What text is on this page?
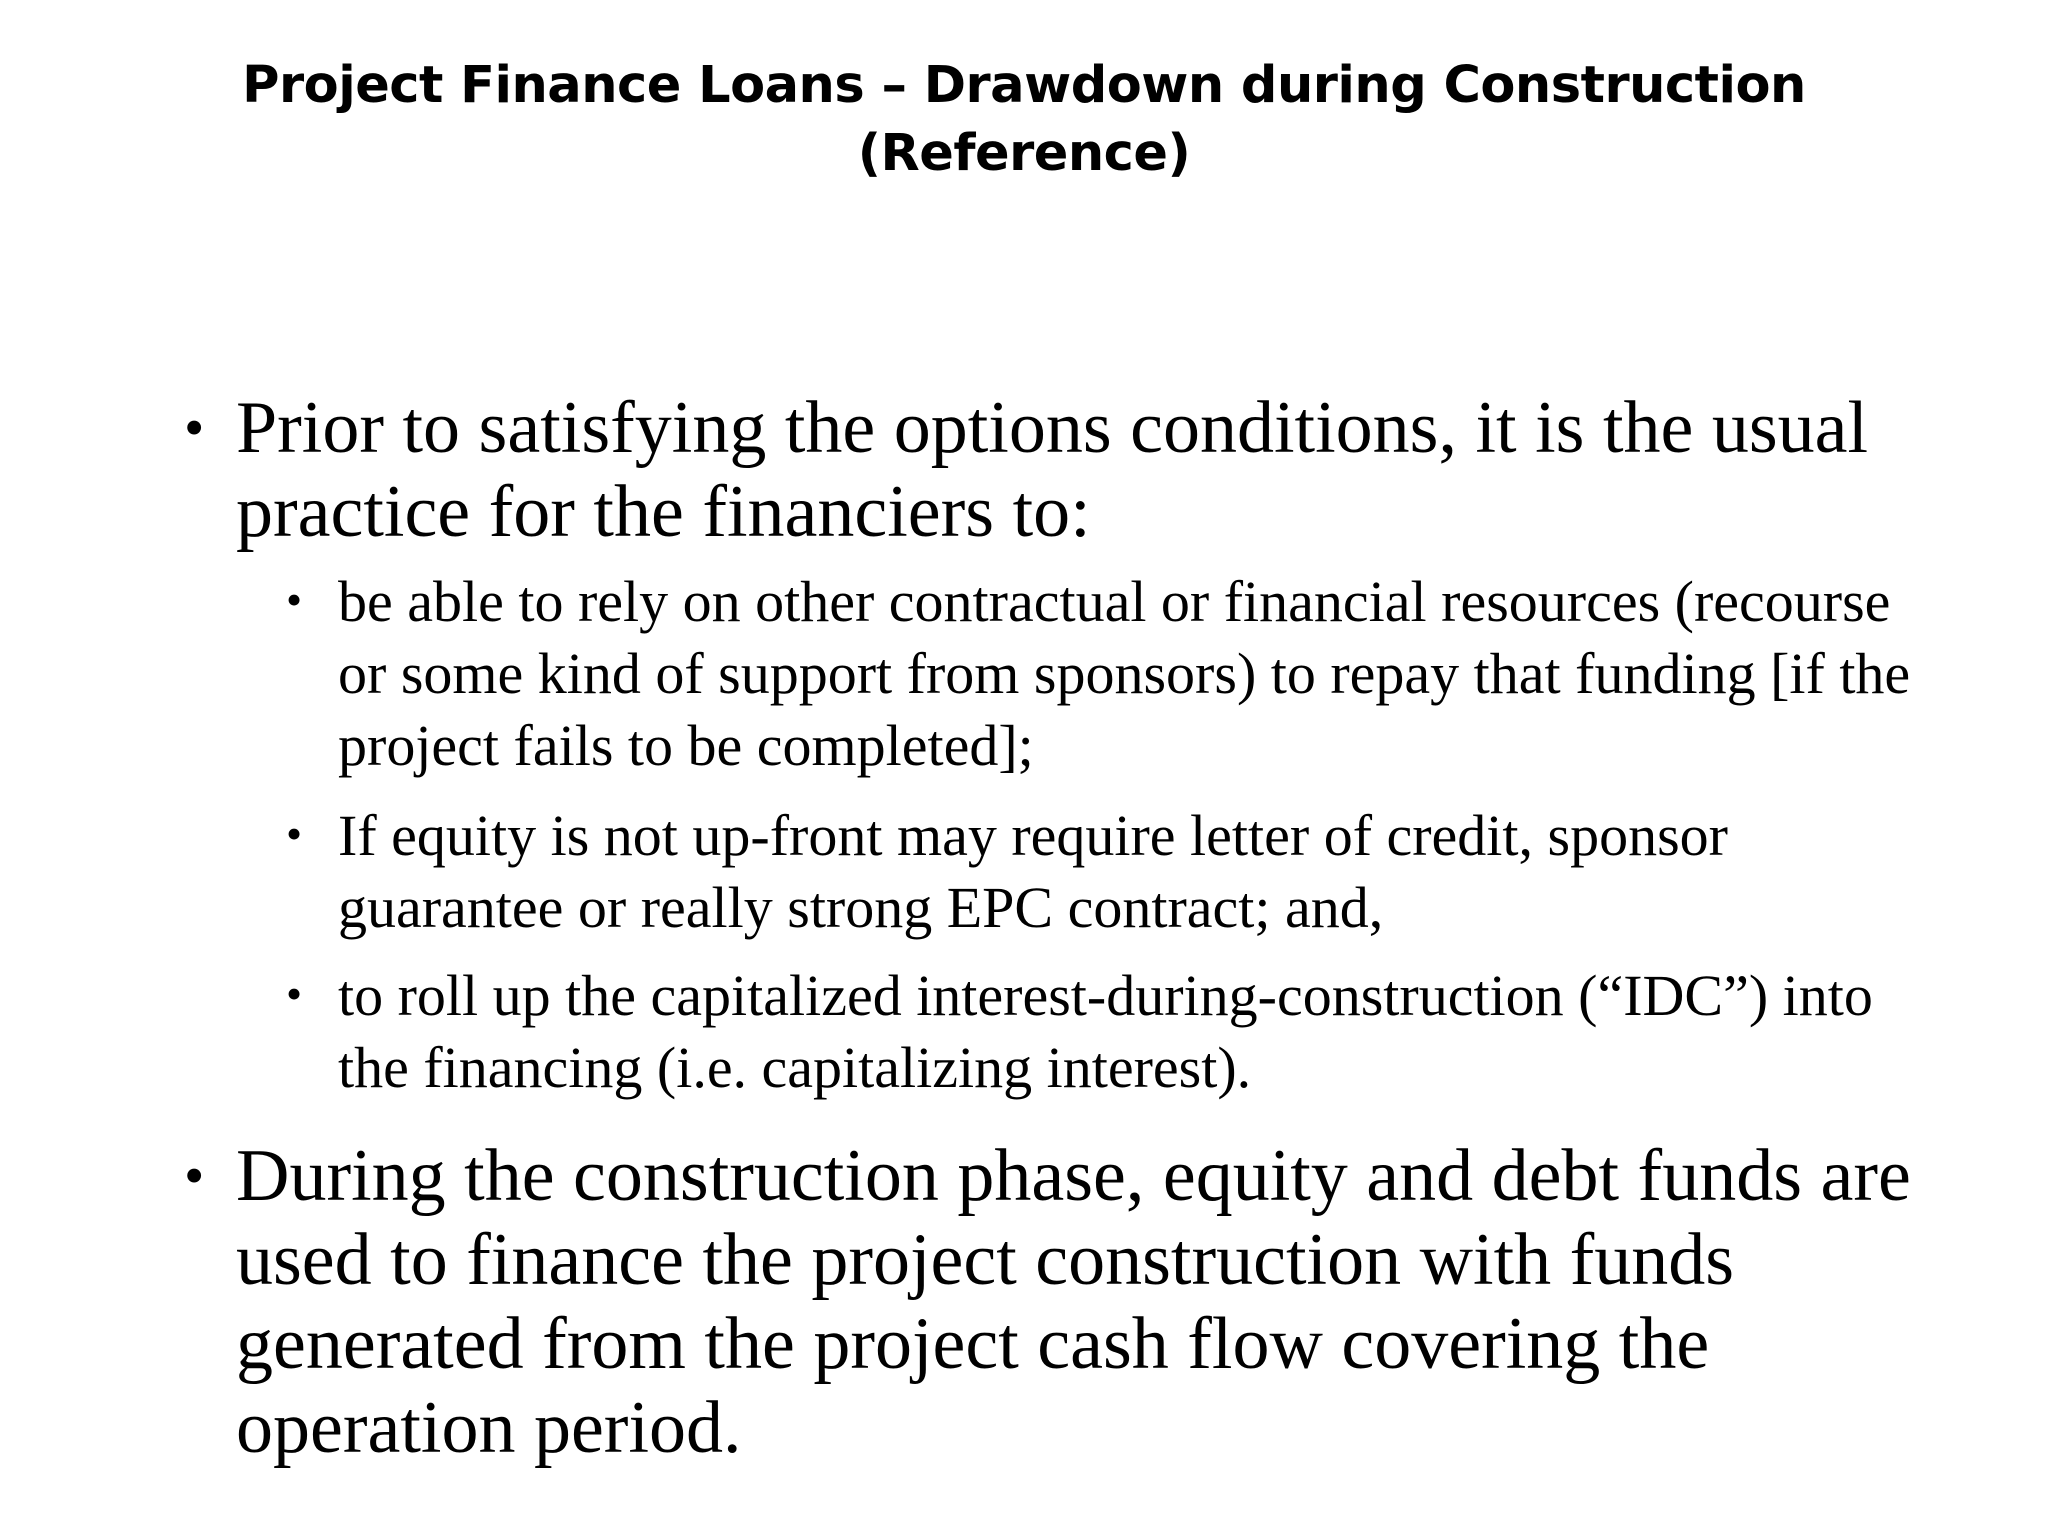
Project Finance Loans – Drawdown during Construction
(Reference)
• Prior to satisfying the options conditions, it is the usual practice for the financiers to:
• be able to rely on other contractual or financial resources (recourse or some kind of support from sponsors) to repay that funding [if the project fails to be completed];
• If equity is not up-front may require letter of credit, sponsor guarantee or really strong EPC contract; and,
• to roll up the capitalized interest-during-construction (“IDC”) into the financing (i.e. capitalizing interest).
• During the construction phase, equity and debt funds are used to finance the project construction with funds generated from the project cash flow covering the operation period.
